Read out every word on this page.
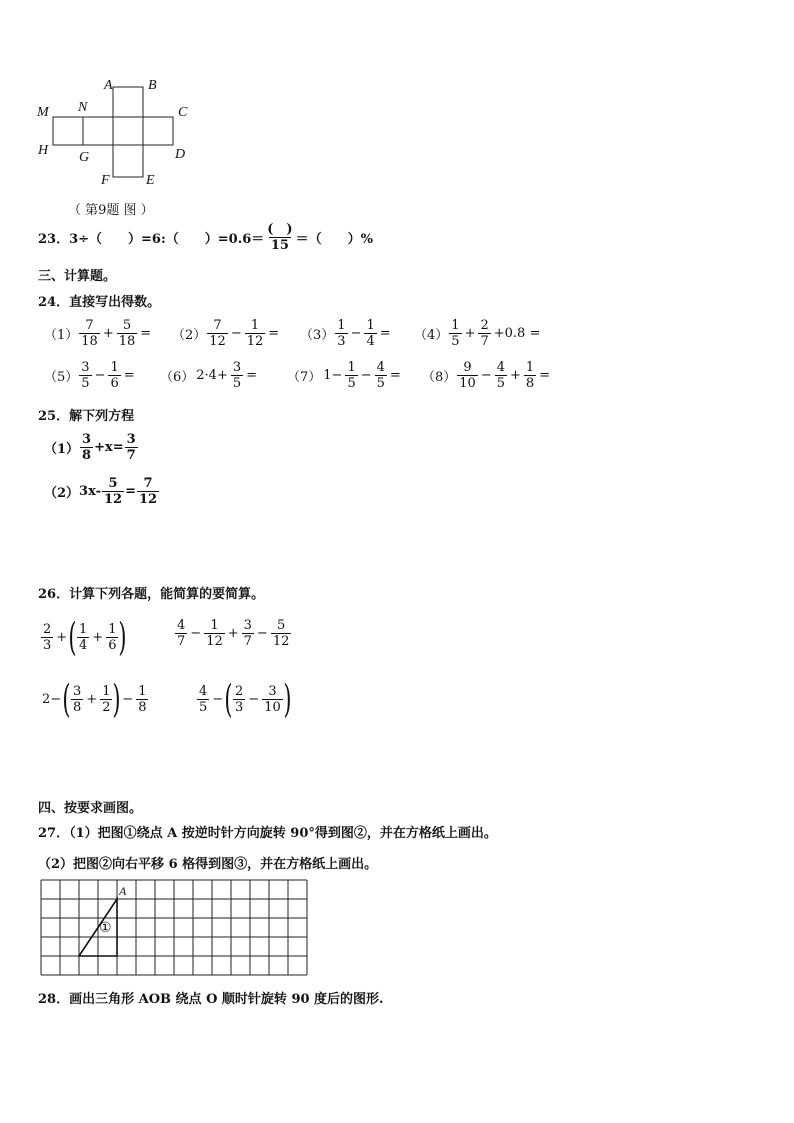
A	B
M N	C
H G	D
F	E
（ 第9题 图 ）
23．3÷（　　）=6:（　　）$=0.6= \frac{( )}{15}$ ＝（　　）%
三、计算题。
24．直接写出得数。
$(1) \frac{7}{18} + \frac{5}{18} = (2) \frac{7}{12} - \frac{1}{12} = (3) \frac{1}{3} - \frac{1}{4} = (4) \frac{1}{5} + \frac{2}{7} +0.8$ =
$(5) \frac{3}{5} - \frac{1}{6} = (6)$ $2\cdot 4+ \frac{3}{5} = (7)$ $1- \frac{1}{5} - \frac{4}{5} = (8) \frac{9}{10} - \frac{4}{5} + \frac{1}{8}$ =
25．解下列方程
$(1) \frac{3}{8} +x= \frac{3}{7}$
（2） $3x- \frac{5}{12} = \frac{7}{12}$
26．计算下列各题，能简算的要简算。
$\frac{2}{3}$ + ( $\frac{1}{4} + \frac{1}{6}$ )	$\frac{4}{7} - \frac{1}{12} + \frac{3}{7} - \frac{5}{12}$
2− ( $\frac{3}{8} + \frac{1}{2}$ ) − $\frac{1}{8}$	$\frac{4}{5}$ − ( $\frac{2}{3} - \frac{3}{10}$ )
四、按要求画图。
27．（1）把图①绕点 A 按逆时针方向旋转 90°得到图②，并在方格纸上画出。
（2）把图②向右平移 6 格得到图③，并在方格纸上画出。
A
①
28．画出三角形 AOB 绕点 O 顺时针旋转 90 度后的图形.
